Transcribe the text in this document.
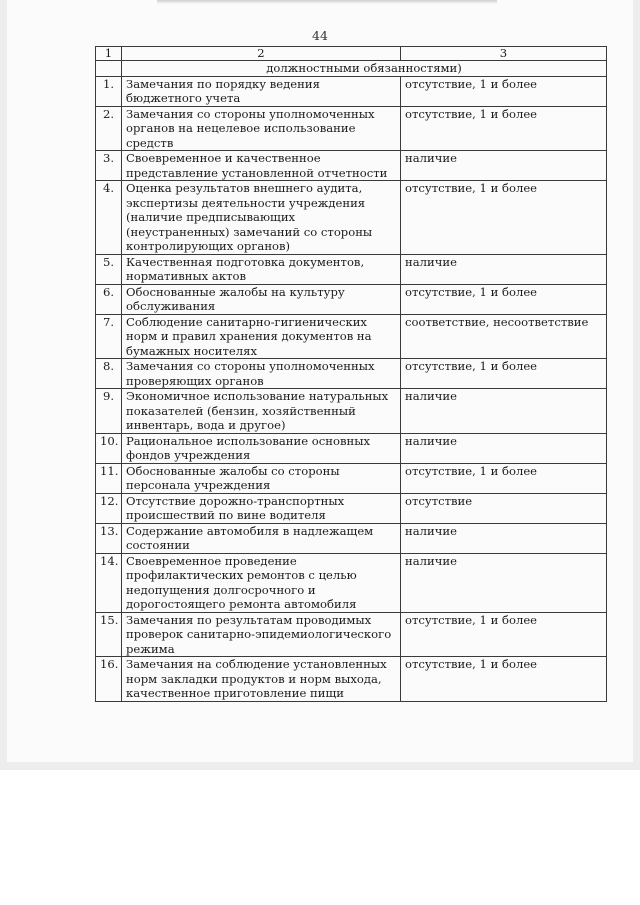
44
1	2	3
	должностными обязанностями)	
1.	Замечания по порядку ведения бюджетного учета	отсутствие, 1 и более
2.	Замечания со стороны уполномоченных органов на нецелевое использование средств	отсутствие, 1 и более
3.	Своевременное и качественное представление установленной отчетности	наличие
4.	Оценка результатов внешнего аудита, экспертизы деятельности учреждения (наличие предписывающих (неустраненных) замечаний со стороны контролирующих органов)	отсутствие, 1 и более
5.	Качественная подготовка документов, нормативных актов	наличие
6.	Обоснованные жалобы на культуру обслуживания	отсутствие, 1 и более
7.	Соблюдение санитарно-гигиенических норм и правил хранения документов на бумажных носителях	соответствие, несоответствие
8.	Замечания со стороны уполномоченных проверяющих органов	отсутствие, 1 и более
9.	Экономичное использование натуральных показателей (бензин, хозяйственный инвентарь, вода и другое)	наличие
10.	Рациональное использование основных фондов учреждения	наличие
11.	Обоснованные жалобы со стороны персонала учреждения	отсутствие, 1 и более
12.	Отсутствие дорожно-транспортных происшествий по вине водителя	отсутствие
13.	Содержание автомобиля в надлежащем состоянии	наличие
14.	Своевременное проведение профилактических ремонтов с целью недопущения долгосрочного и дорогостоящего ремонта автомобиля	наличие
15.	Замечания по результатам проводимых проверок санитарно-эпидемиологического режима	отсутствие, 1 и более
16.	Замечания на соблюдение установленных норм закладки продуктов и норм выхода, качественное приготовление пищи	отсутствие, 1 и более
